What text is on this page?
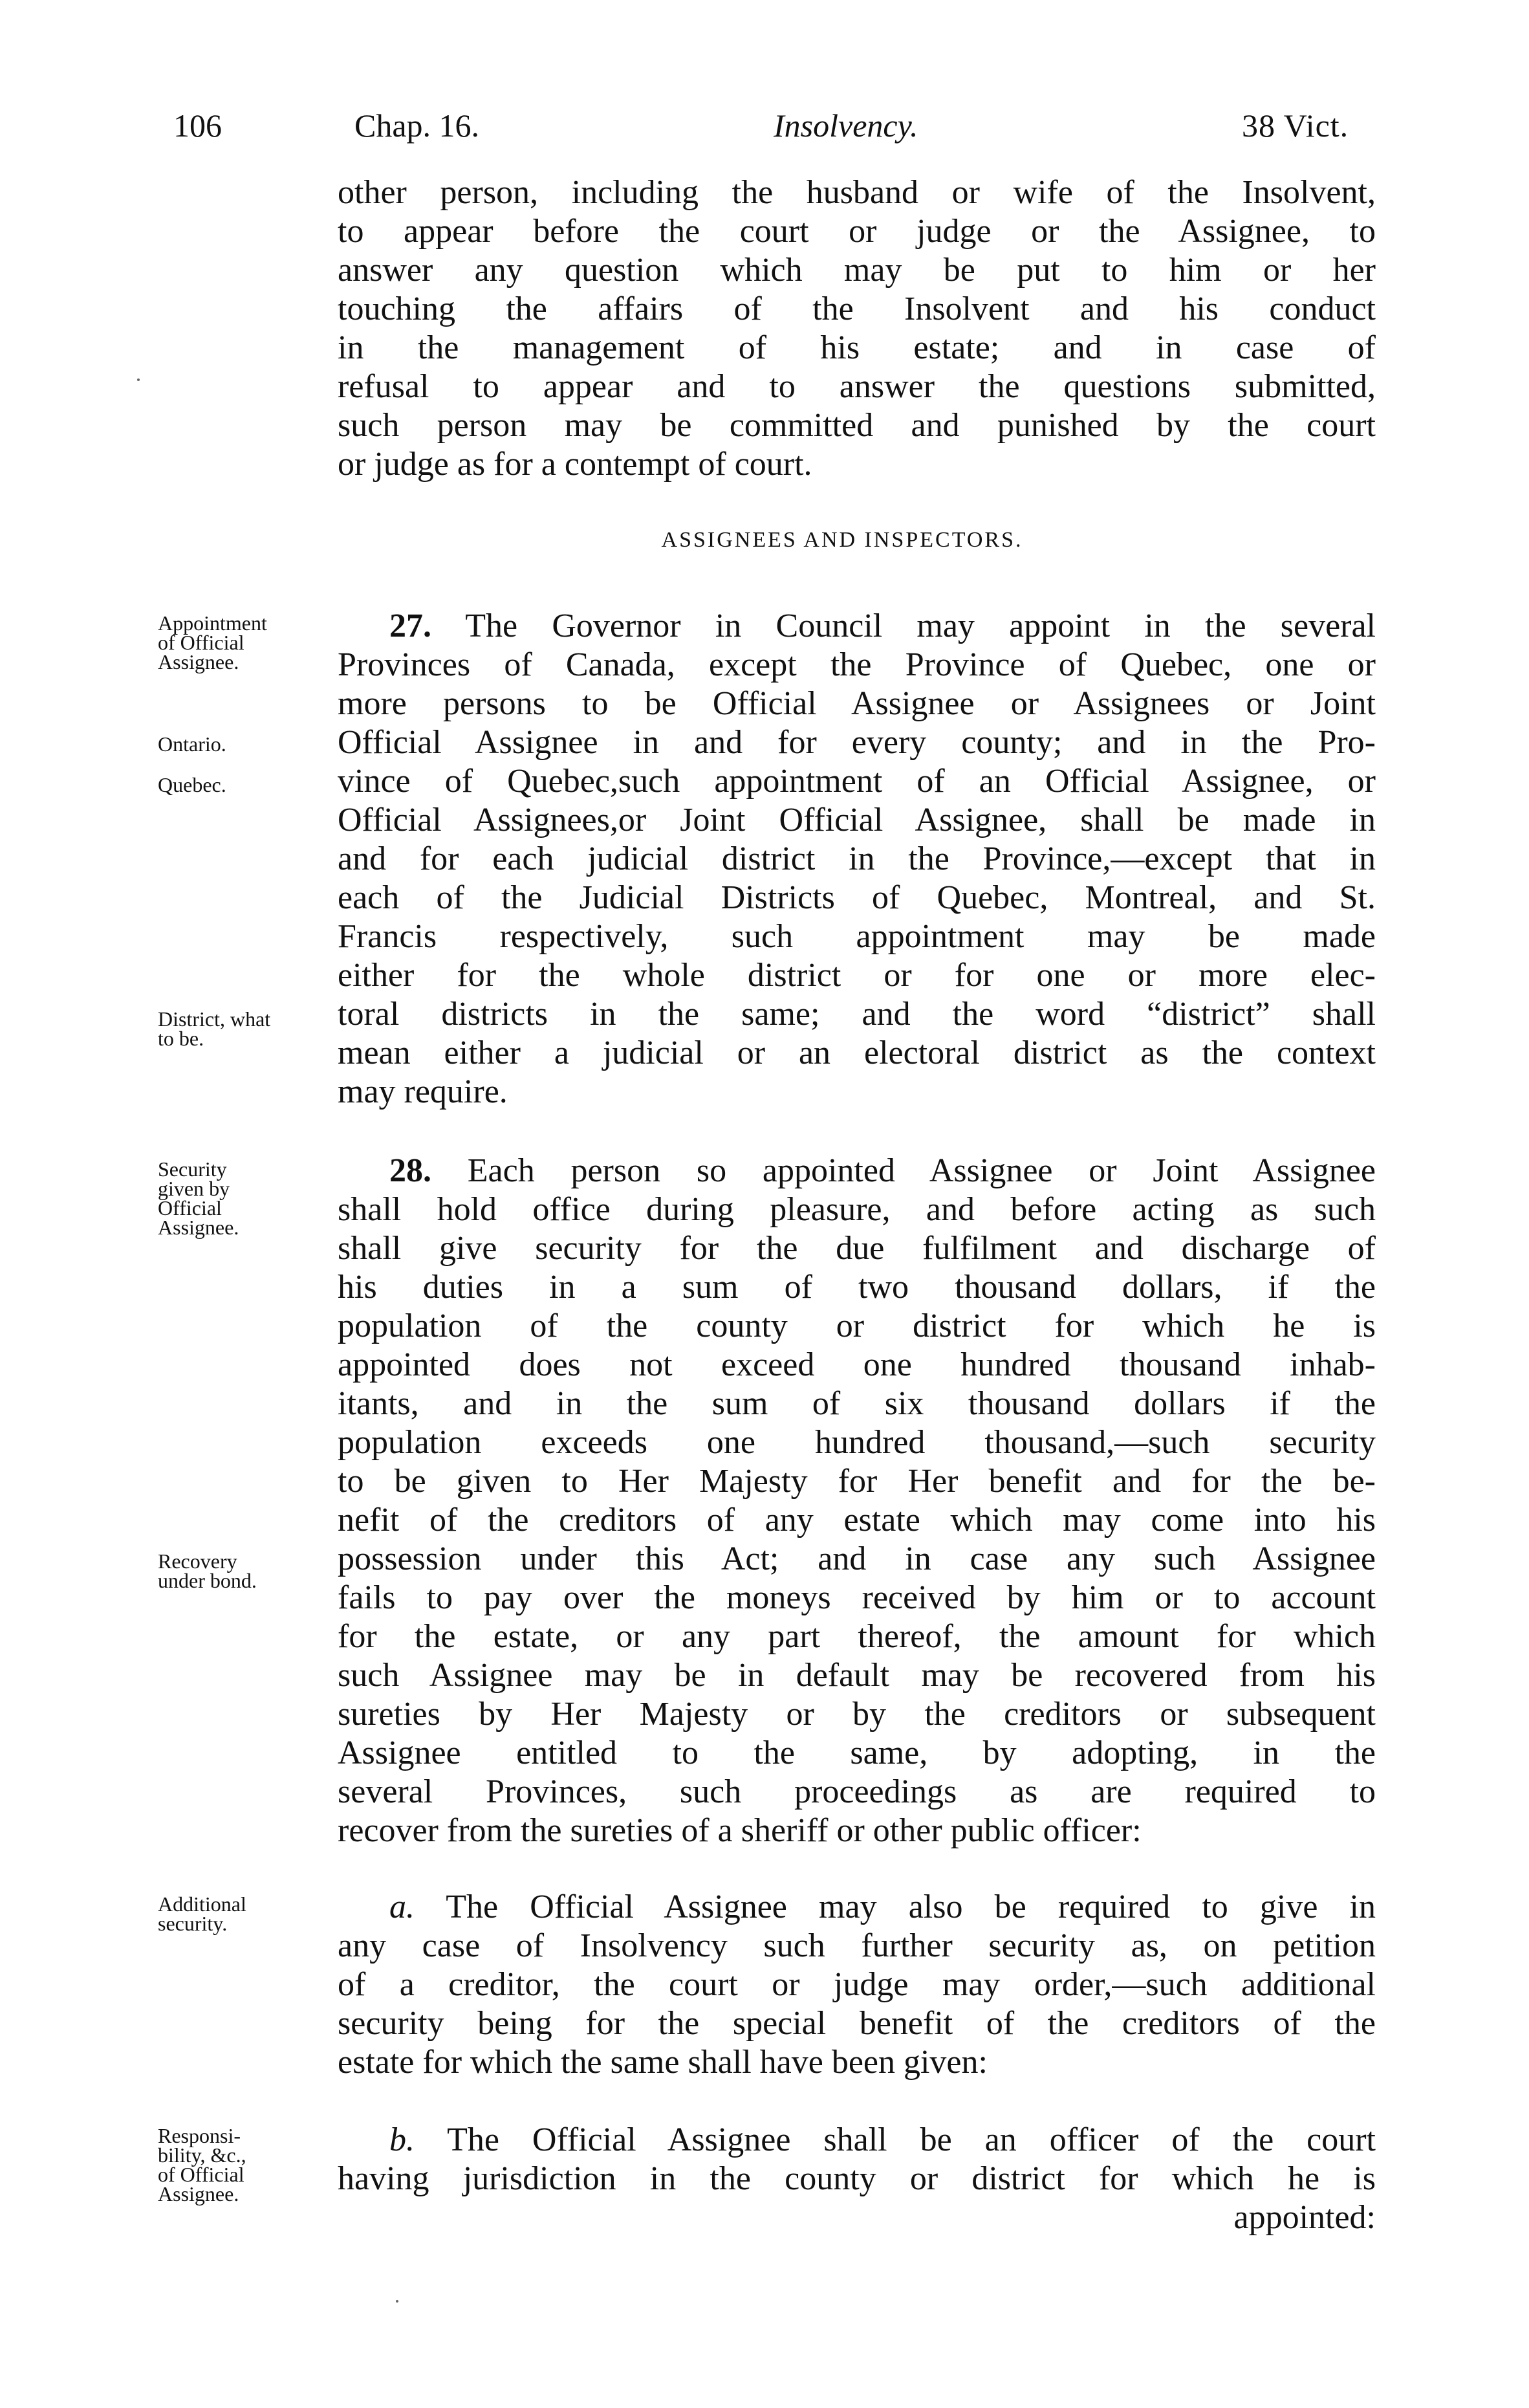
106	Chap. 16.	Insolvency.	38 Vict.
other person, including the husband or wife of the Insolvent,
to appear before the court or judge or the Assignee, to
answer any question which may be put to him or her
touching the affairs of the Insolvent and his conduct
in the management of his estate; and in case of
refusal to appear and to answer the questions submitted,
such person may be committed and punished by the court
or judge as for a contempt of court.
ASSIGNEES AND INSPECTORS.
27. The Governor in Council may appoint in the several
Provinces of Canada, except the Province of Quebec, one or
more persons to be Official Assignee or Assignees or Joint
Official Assignee in and for every county; and in the Pro-
vince of Quebec,such appointment of an Official Assignee, or
Official Assignees,or Joint Official Assignee, shall be made in
and for each judicial district in the Province,—except that in
each of the Judicial Districts of Quebec, Montreal, and St.
Francis respectively, such appointment may be made
either for the whole district or for one or more elec-
toral districts in the same; and the word “district” shall
mean either a judicial or an electoral district as the context
may require.
28. Each person so appointed Assignee or Joint Assignee
shall hold office during pleasure, and before acting as such
shall give security for the due fulfilment and discharge of
his duties in a sum of two thousand dollars, if the
population of the county or district for which he is
appointed does not exceed one hundred thousand inhab-
itants, and in the sum of six thousand dollars if the
population exceeds one hundred thousand,—such security
to be given to Her Majesty for Her benefit and for the be-
nefit of the creditors of any estate which may come into his
possession under this Act; and in case any such Assignee
fails to pay over the moneys received by him or to account
for the estate, or any part thereof, the amount for which
such Assignee may be in default may be recovered from his
sureties by Her Majesty or by the creditors or subsequent
Assignee entitled to the same, by adopting, in the
several Provinces, such proceedings as are required to
recover from the sureties of a sheriff or other public officer:
a. The Official Assignee may also be required to give in
any case of Insolvency such further security as, on petition
of a creditor, the court or judge may order,—such additional
security being for the special benefit of the creditors of the
estate for which the same shall have been given:
b. The Official Assignee shall be an officer of the court
having jurisdiction in the county or district for which he is
appointed:
Appointment
of Official
Assignee.
Ontario.
Quebec.
District, what
to be.
Security
given by
Official
Assignee.
Recovery
under bond.
Additional
security.
Responsi-
bility, &c.,
of Official
Assignee.
